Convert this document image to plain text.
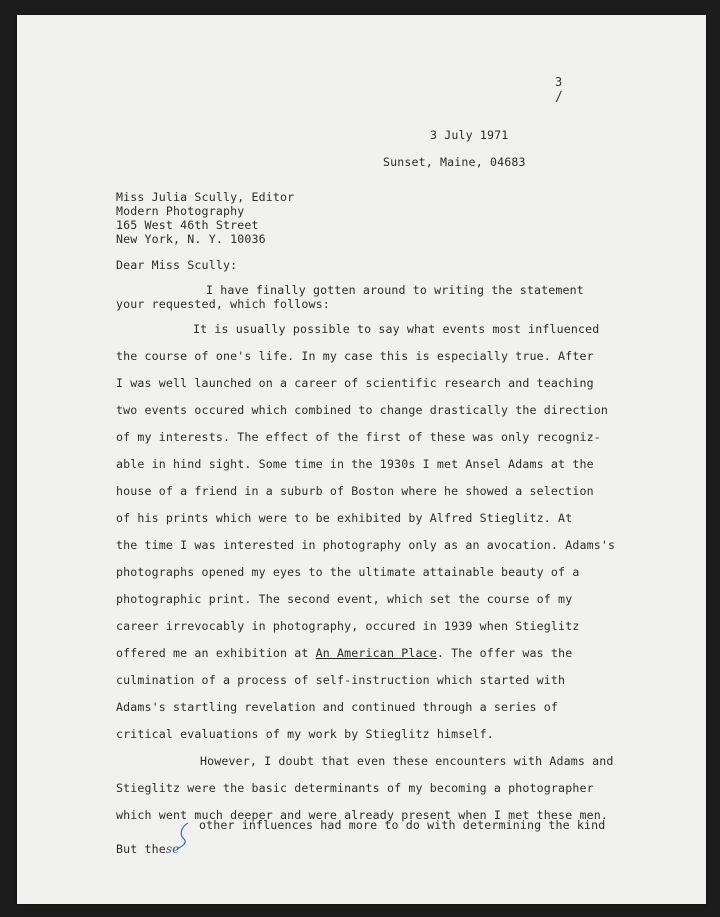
3
/
3 July 1971
Sunset, Maine, 04683
Miss Julia Scully, Editor
Modern Photography
165 West 46th Street
New York, N. Y. 10036
Dear Miss Scully:
I have finally gotten around to writing the statement
your requested, which follows:
It is usually possible to say what events most influenced
the course of one's life. In my case this is especially true. After
I was well launched on a career of scientific research and teaching
two events occured which combined to change drastically the direction
of my interests. The effect of the first of these was only recogniz-
able in hind sight. Some time in the 1930s I met Ansel Adams at the
house of a friend in a suburb of Boston where he showed a selection
of his prints which were to be exhibited by Alfred Stieglitz. At
the time I was interested in photography only as an avocation. Adams's
photographs opened my eyes to the ultimate attainable beauty of a
photographic print. The second event, which set the course of my
career irrevocably in photography, occured in 1939 when Stieglitz
offered me an exhibition at An American Place. The offer was the
culmination of a process of self-instruction which started with
Adams's startling revelation and continued through a series of
critical evaluations of my work by Stieglitz himself.
However, I doubt that even these encounters with Adams and
Stieglitz were the basic determinants of my becoming a photographer
which went much deeper and were already present when I met these men.
other influences had more to do with determining the kind
But these
